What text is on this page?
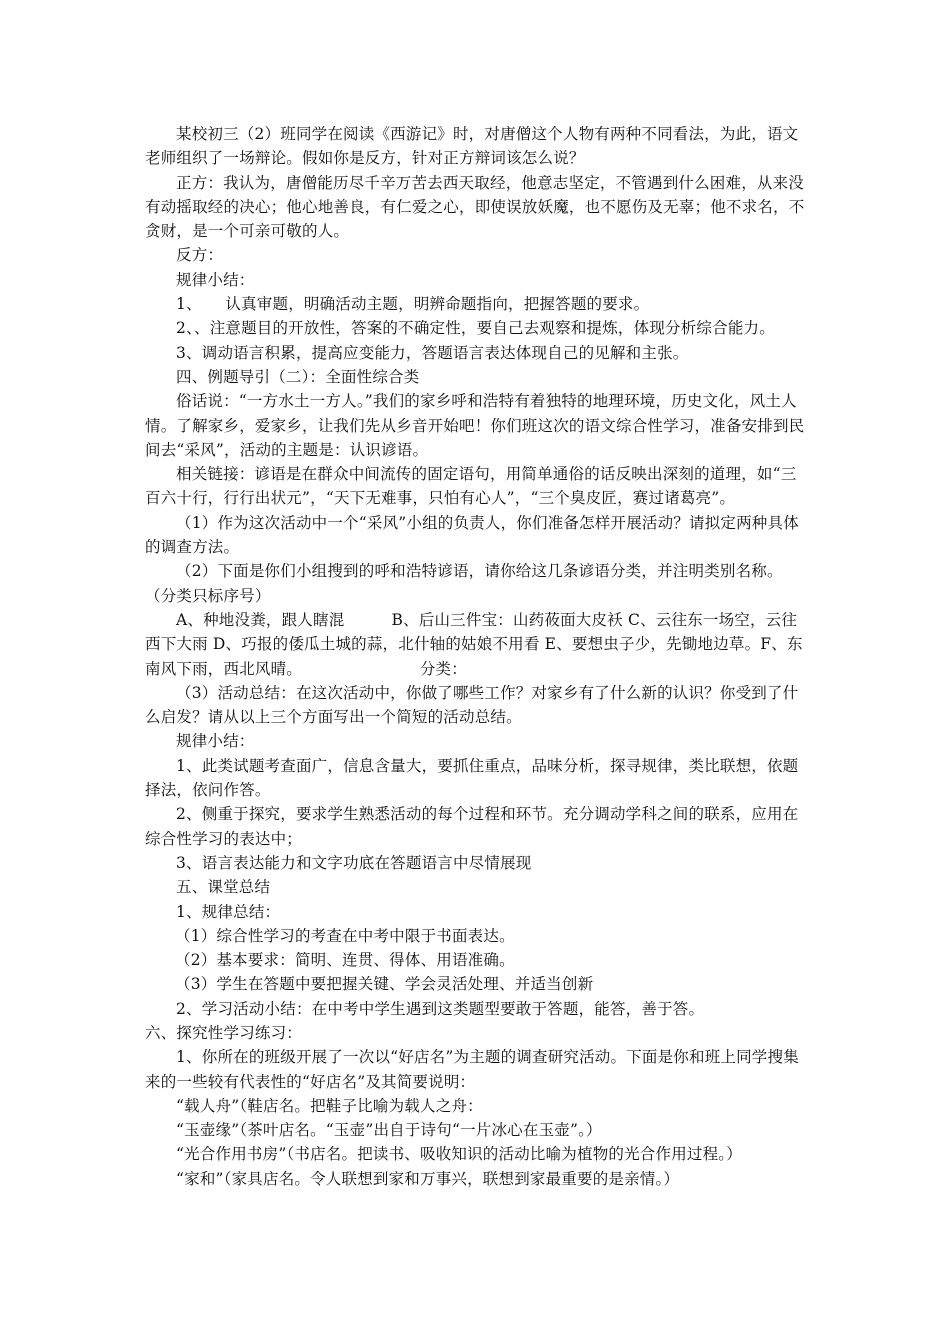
某校初三（2）班同学在阅读《西游记》时，对唐僧这个人物有两种不同看法，为此，语文老师组织了一场辩论。假如你是反方，针对正方辩词该怎么说？

正方：我认为，唐僧能历尽千辛万苦去西天取经，他意志坚定，不管遇到什么困难，从来没有动摇取经的决心；他心地善良，有仁爱之心，即使误放妖魔，也不愿伤及无辜；他不求名，不贪财，是一个可亲可敬的人。

反方：

规律小结：

1、　　认真审题，明确活动主题，明辨命题指向，把握答题的要求。

2、、注意题目的开放性，答案的不确定性，要自己去观察和提炼，体现分析综合能力。

3、调动语言积累，提高应变能力，答题语言表达体现自己的见解和主张。

四、例题导引（二）：全面性综合类

俗话说：“一方水土一方人。”我们的家乡呼和浩特有着独特的地理环境，历史文化，风土人情。了解家乡，爱家乡，让我们先从乡音开始吧！你们班这次的语文综合性学习，准备安排到民间去“采风”，活动的主题是：认识谚语。

相关链接：谚语是在群众中间流传的固定语句，用简单通俗的话反映出深刻的道理，如“三百六十行，行行出状元”，“天下无难事，只怕有心人”，“三个臭皮匠，赛过诸葛亮”。

（1）作为这次活动中一个“采风”小组的负责人，你们准备怎样开展活动？请拟定两种具体的调查方法。

（2）下面是你们小组搜到的呼和浩特谚语，请你给这几条谚语分类，并注明类别名称。

（分类只标序号）

A、种地没粪，跟人瞎混　　　B、后山三件宝：山药莜面大皮袄 C、云往东一场空，云往西下大雨 D、巧报的倭瓜土城的蒜，北什轴的姑娘不用看 E、要想虫子少，先锄地边草。F、东南风下雨，西北风晴。　　　　　　　　分类：

（3）活动总结：在这次活动中，你做了哪些工作？对家乡有了什么新的认识？你受到了什么启发？请从以上三个方面写出一个简短的活动总结。

规律小结：

1、此类试题考查面广，信息含量大，要抓住重点，品味分析，探寻规律，类比联想，依题择法，依问作答。

2、侧重于探究，要求学生熟悉活动的每个过程和环节。充分调动学科之间的联系，应用在综合性学习的表达中；

3、语言表达能力和文字功底在答题语言中尽情展现

五、课堂总结

1、规律总结：

（1）综合性学习的考查在中考中限于书面表达。

（2）基本要求：简明、连贯、得体、用语准确。

（3）学生在答题中要把握关键、学会灵活处理、并适当创新

2、学习活动小结：在中考中学生遇到这类题型要敢于答题，能答，善于答。

六、探究性学习练习：

1、你所在的班级开展了一次以“好店名”为主题的调查研究活动。下面是你和班上同学搜集来的一些较有代表性的“好店名”及其简要说明：

“载人舟”（鞋店名。把鞋子比喻为载人之舟：

“玉壶缘”（茶叶店名。“玉壶”出自于诗句“一片冰心在玉壶”。）

“光合作用书房”（书店名。把读书、吸收知识的活动比喻为植物的光合作用过程。）

“家和”（家具店名。令人联想到家和万事兴，联想到家最重要的是亲情。）
